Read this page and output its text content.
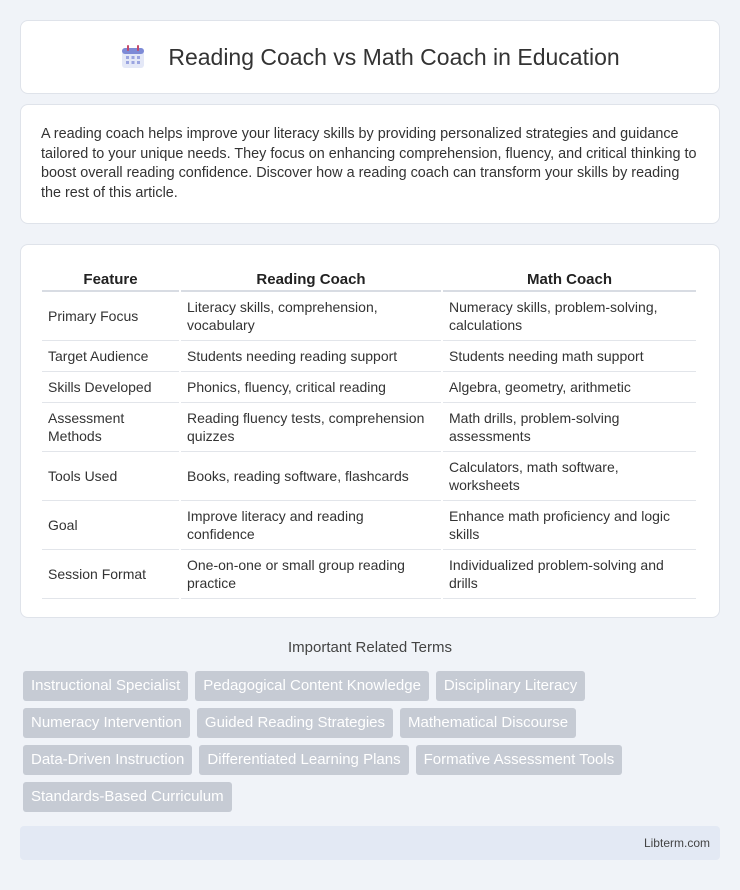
Reading Coach vs Math Coach in Education

A reading coach helps improve your literacy skills by providing personalized strategies and guidance tailored to your unique needs. They focus on enhancing comprehension, fluency, and critical thinking to boost overall reading confidence. Discover how a reading coach can transform your skills by reading the rest of this article.

Feature	Reading Coach	Math Coach
Primary Focus	Literacy skills, comprehension, vocabulary	Numeracy skills, problem-solving, calculations
Target Audience	Students needing reading support	Students needing math support
Skills Developed	Phonics, fluency, critical reading	Algebra, geometry, arithmetic
Assessment Methods	Reading fluency tests, comprehension quizzes	Math drills, problem-solving assessments
Tools Used	Books, reading software, flashcards	Calculators, math software, worksheets
Goal	Improve literacy and reading confidence	Enhance math proficiency and logic skills
Session Format	One-on-one or small group reading practice	Individualized problem-solving and drills
Important Related Terms
Instructional Specialist	Pedagogical Content Knowledge	Disciplinary Literacy
Numeracy Intervention	Guided Reading Strategies	Mathematical Discourse
Data-Driven Instruction	Differentiated Learning Plans	Formative Assessment Tools
Standards-Based Curriculum
Libterm.com
